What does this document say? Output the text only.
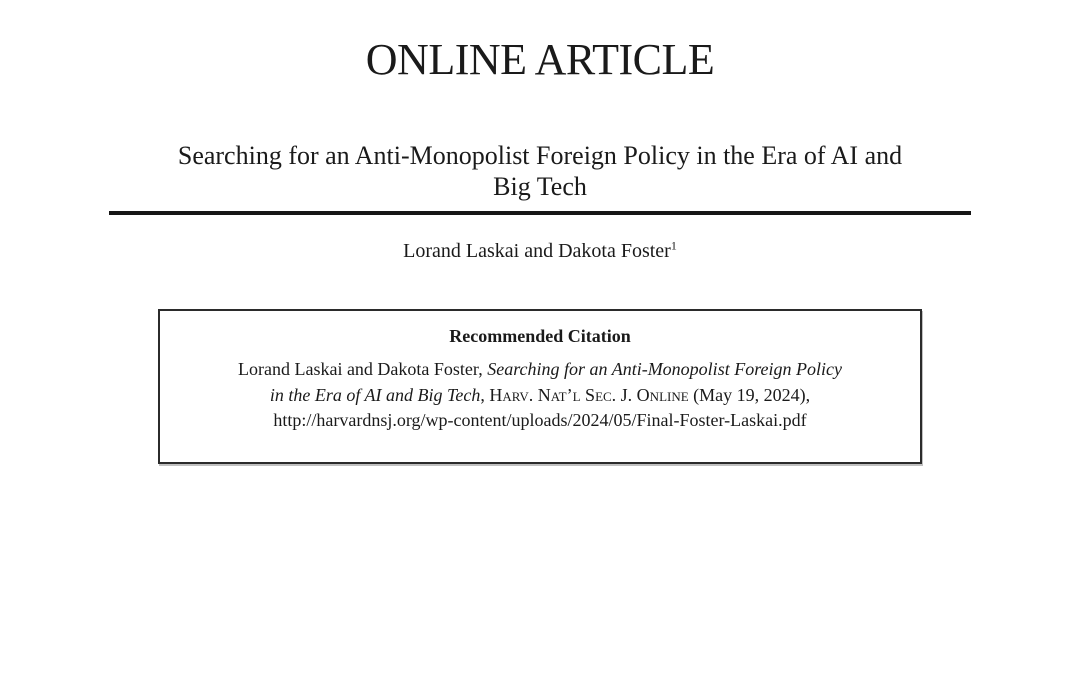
ONLINE ARTICLE
Searching for an Anti-Monopolist Foreign Policy in the Era of AI and
Big Tech
Lorand Laskai and Dakota Foster$^1$
Recommended Citation
Lorand Laskai and Dakota Foster, Searching for an Anti-Monopolist Foreign Policy
in the Era of AI and Big Tech, Harv. Nat’l Sec. J. Online (May 19, 2024),
http://harvardnsj.org/wp-content/uploads/2024/05/Final-Foster-Laskai.pdf
